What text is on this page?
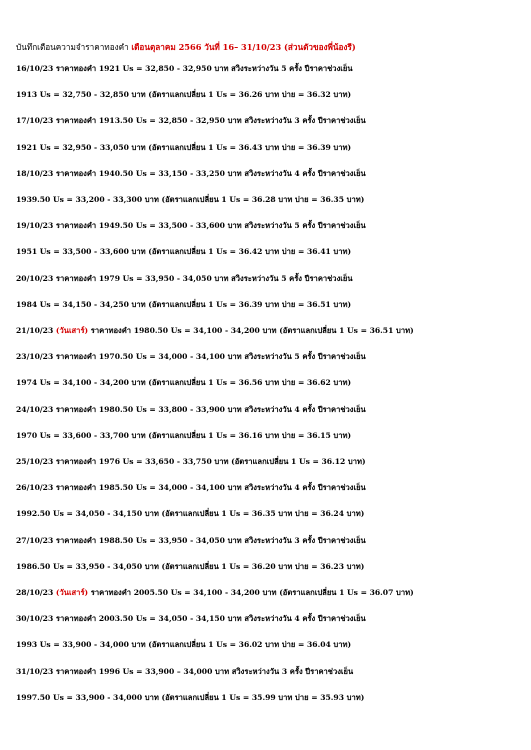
บันทึกเตือนความจำราคาทองคำ เดือนตุลาคม 2566 วันที่ 16– 31/10/23 (ส่วนตัวของพี่น้องรี)
16/10/23 ราคาทองคำ 1921 Us = 32,850 - 32,950 บาท สวิงระหว่างวัน 5 ครั้ง ปีราคาช่วงเย็น
1913 Us = 32,750 - 32,850 บาท (อัตราแลกเปลี่ยน 1 Us = 36.26 บาท บ่าย = 36.32 บาท)
17/10/23 ราคาทองคำ 1913.50 Us = 32,850 - 32,950 บาท สวิงระหว่างวัน 3 ครั้ง ปีราคาช่วงเย็น
1921 Us = 32,950 - 33,050 บาท (อัตราแลกเปลี่ยน 1 Us = 36.43 บาท บ่าย = 36.39 บาท)
18/10/23 ราคาทองคำ 1940.50 Us = 33,150 - 33,250 บาท สวิงระหว่างวัน 4 ครั้ง ปีราคาช่วงเย็น
1939.50 Us = 33,200 - 33,300 บาท (อัตราแลกเปลี่ยน 1 Us = 36.28 บาท บ่าย = 36.35 บาท)
19/10/23 ราคาทองคำ 1949.50 Us = 33,500 - 33,600 บาท สวิงระหว่างวัน 5 ครั้ง ปีราคาช่วงเย็น
1951 Us = 33,500 - 33,600 บาท (อัตราแลกเปลี่ยน 1 Us = 36.42 บาท บ่าย = 36.41 บาท)
20/10/23 ราคาทองคำ 1979 Us = 33,950 - 34,050 บาท สวิงระหว่างวัน 5 ครั้ง ปีราคาช่วงเย็น
1984 Us = 34,150 - 34,250 บาท (อัตราแลกเปลี่ยน 1 Us = 36.39 บาท บ่าย = 36.51 บาท)
21/10/23 (วันเสาร์) ราคาทองคำ 1980.50 Us = 34,100 - 34,200 บาท (อัตราแลกเปลี่ยน 1 Us = 36.51 บาท)
23/10/23 ราคาทองคำ 1970.50 Us = 34,000 - 34,100 บาท สวิงระหว่างวัน 5 ครั้ง ปีราคาช่วงเย็น
1974 Us = 34,100 - 34,200 บาท (อัตราแลกเปลี่ยน 1 Us = 36.56 บาท บ่าย = 36.62 บาท)
24/10/23 ราคาทองคำ 1980.50 Us = 33,800 - 33,900 บาท สวิงระหว่างวัน 4 ครั้ง ปีราคาช่วงเย็น
1970 Us = 33,600 - 33,700 บาท (อัตราแลกเปลี่ยน 1 Us = 36.16 บาท บ่าย = 36.15 บาท)
25/10/23 ราคาทองคำ 1976 Us = 33,650 - 33,750 บาท (อัตราแลกเปลี่ยน 1 Us = 36.12 บาท)
26/10/23 ราคาทองคำ 1985.50 Us = 34,000 - 34,100 บาท สวิงระหว่างวัน 4 ครั้ง ปีราคาช่วงเย็น
1992.50 Us = 34,050 - 34,150 บาท (อัตราแลกเปลี่ยน 1 Us = 36.35 บาท บ่าย = 36.24 บาท)
27/10/23 ราคาทองคำ 1988.50 Us = 33,950 - 34,050 บาท สวิงระหว่างวัน 3 ครั้ง ปีราคาช่วงเย็น
1986.50 Us = 33,950 - 34,050 บาท (อัตราแลกเปลี่ยน 1 Us = 36.20 บาท บ่าย = 36.23 บาท)
28/10/23 (วันเสาร์) ราคาทองคำ 2005.50 Us = 34,100 - 34,200 บาท (อัตราแลกเปลี่ยน 1 Us = 36.07 บาท)
30/10/23 ราคาทองคำ 2003.50 Us = 34,050 - 34,150 บาท สวิงระหว่างวัน 4 ครั้ง ปีราคาช่วงเย็น
1993 Us = 33,900 - 34,000 บาท (อัตราแลกเปลี่ยน 1 Us = 36.02 บาท บ่าย = 36.04 บาท)
31/10/23 ราคาทองคำ 1996 Us = 33,900 – 34,000 บาท สวิงระหว่างวัน 3 ครั้ง ปีราคาช่วงเย็น
1997.50 Us = 33,900 - 34,000 บาท (อัตราแลกเปลี่ยน 1 Us = 35.99 บาท บ่าย = 35.93 บาท)
